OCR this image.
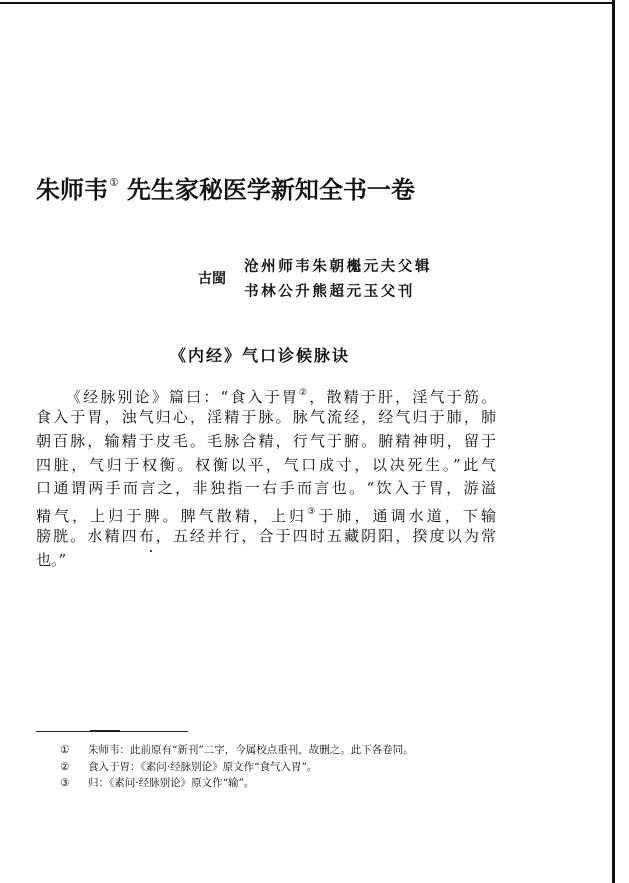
朱师韦① 先生家秘医学新知全书一卷
古閩
沧州师韦朱朝櫆元夫父辑
书林公升熊超元玉父刊
《内经》气口诊候脉诀
《经脉别论》篇曰：“食入于胃②，散精于肝，淫气于筋。
食入于胃，浊气归心，淫精于脉。脉气流经，经气归于肺，肺
朝百脉，输精于皮毛。毛脉合精，行气于腑。腑精神明，留于
四脏，气归于权衡。权衡以平，气口成寸，以决死生。”此气
口通谓两手而言之，非独指一右手而言也。“饮入于胃，游溢
精气，上归于脾。脾气散精，上归③于肺，通调水道，下输
膀胱。水精四布，五经并行，合于四时五藏阴阳，揆度以为常
也。”
① 朱师韦：此前原有“新刊”二字，今属校点重刊，故删之。此下各卷同。
② 食入于胃：《素问·经脉别论》原文作“食气入胃”。
③ 归：《素问·经脉别论》原文作“输”。
